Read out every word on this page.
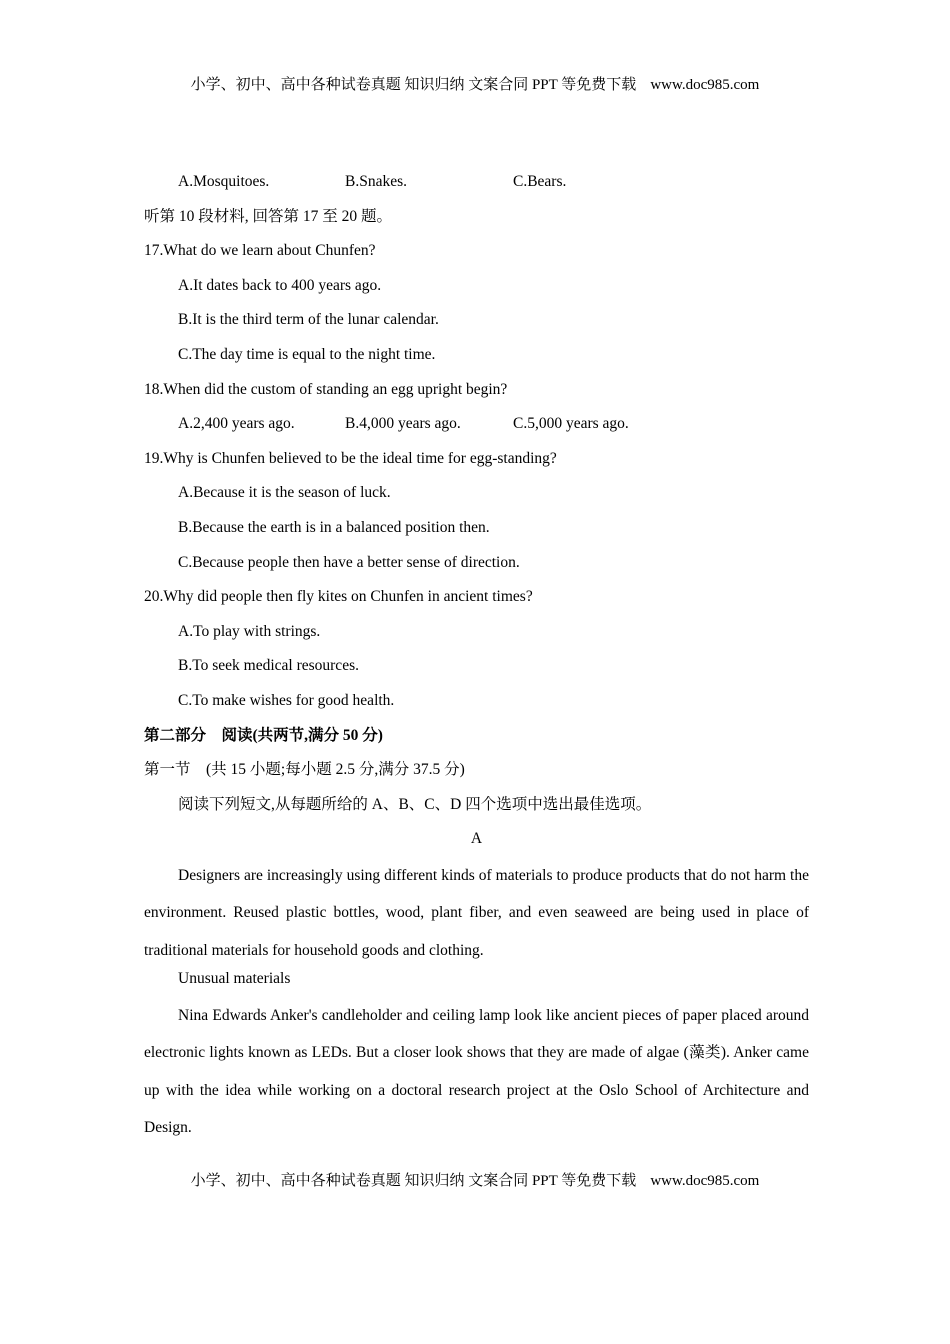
小学、初中、高中各种试卷真题 知识归纳 文案合同 PPT 等免费下载 www.doc985.com
A.Mosquitoes.	B.Snakes.	C.Bears.
听第 10 段材料, 回答第 17 至 20 题。
17.What do we learn about Chunfen?
A.It dates back to 400 years ago.
B.It is the third term of the lunar calendar.
C.The day time is equal to the night time.
18.When did the custom of standing an egg upright begin?
A.2,400 years ago.	B.4,000 years ago.	C.5,000 years ago.
19.Why is Chunfen believed to be the ideal time for egg-standing?
A.Because it is the season of luck.
B.Because the earth is in a balanced position then.
C.Because people then have a better sense of direction.
20.Why did people then fly kites on Chunfen in ancient times?
A.To play with strings.
B.To seek medical resources.
C.To make wishes for good health.
第二部分　阅读(共两节,满分 50 分)
第一节　(共 15 小题;每小题 2.5 分,满分 37.5 分)
阅读下列短文,从每题所给的 A、B、C、D 四个选项中选出最佳选项。
A

Designers are increasingly using different kinds of materials to produce products that do not harm the environment. Reused plastic bottles, wood, plant fiber, and even seaweed are being used in place of traditional materials for household goods and clothing.

Unusual materials

Nina Edwards Anker's candleholder and ceiling lamp look like ancient pieces of paper placed around electronic lights known as LEDs. But a closer look shows that they are made of algae (藻类). Anker came up with the idea while working on a doctoral research project at the Oslo School of Architecture and Design.

小学、初中、高中各种试卷真题 知识归纳 文案合同 PPT 等免费下载 www.doc985.com
